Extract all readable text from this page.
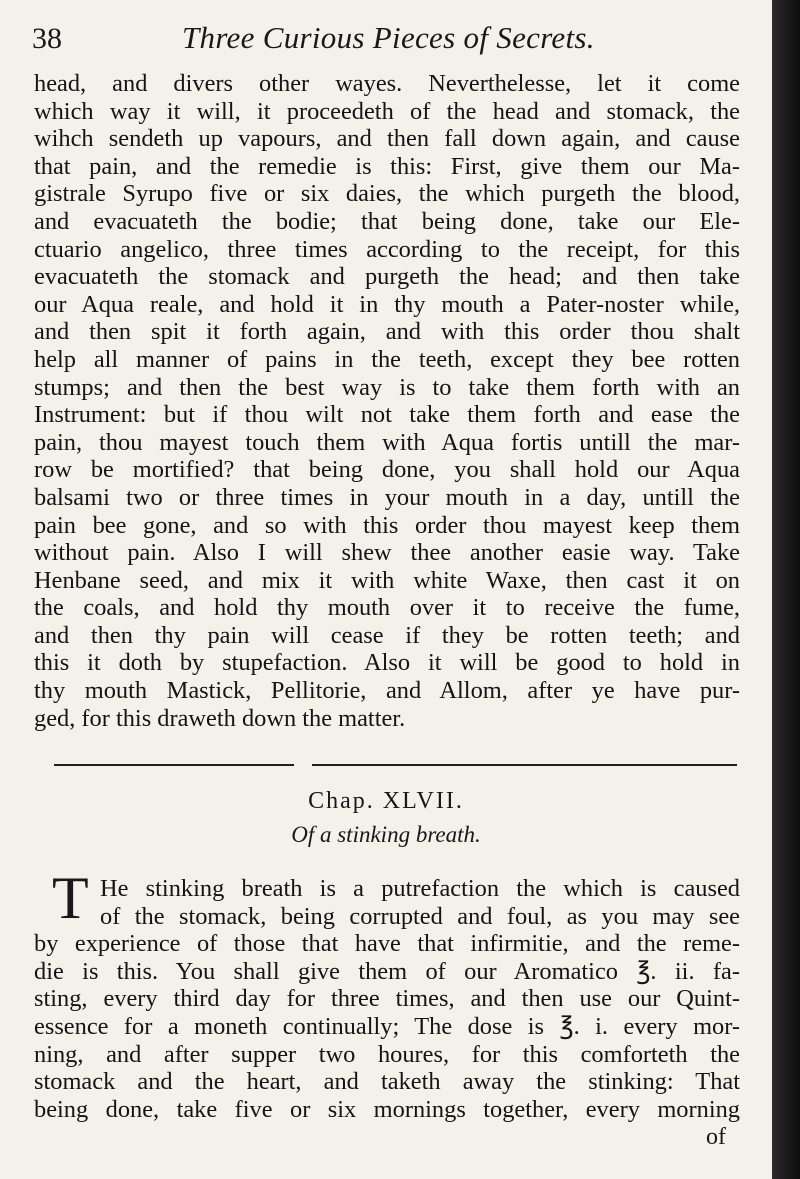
38	Three Curious Pieces of Secrets.
head, and divers other wayes. Neverthelesse, let it come
which way it will, it proceedeth of the head and stomack, the
wihch sendeth up vapours, and then fall down again, and cause
that pain, and the remedie is this: First, give them our Ma-
gistrale Syrupo five or six daies, the which purgeth the blood,
and evacuateth the bodie; that being done, take our Ele-
ctuario angelico, three times according to the receipt, for this
evacuateth the stomack and purgeth the head; and then take
our Aqua reale, and hold it in thy mouth a Pater-noster while,
and then spit it forth again, and with this order thou shalt
help all manner of pains in the teeth, except they bee rotten
stumps; and then the best way is to take them forth with an
Instrument: but if thou wilt not take them forth and ease the
pain, thou mayest touch them with Aqua fortis untill the mar-
row be mortified? that being done, you shall hold our Aqua
balsami two or three times in your mouth in a day, untill the
pain bee gone, and so with this order thou mayest keep them
without pain. Also I will shew thee another easie way. Take
Henbane seed, and mix it with white Waxe, then cast it on
the coals, and hold thy mouth over it to receive the fume,
and then thy pain will cease if they be rotten teeth; and
this it doth by stupefaction. Also it will be good to hold in
thy mouth Mastick, Pellitorie, and Allom, after ye have pur-
ged, for this draweth down the matter.
Chap. XLVII.
Of a stinking breath.
T He stinking breath is a putrefaction the which is caused
of the stomack, being corrupted and foul, as you may see
by experience of those that have that infirmitie, and the reme-
die is this. You shall give them of our Aromatico ℥. ii. fa-
sting, every third day for three times, and then use our Quint-
essence for a moneth continually; The dose is ℥. i. every mor-
ning, and after supper two houres, for this comforteth the
stomack and the heart, and taketh away the stinking: That
being done, take five or six mornings together, every morning
of
